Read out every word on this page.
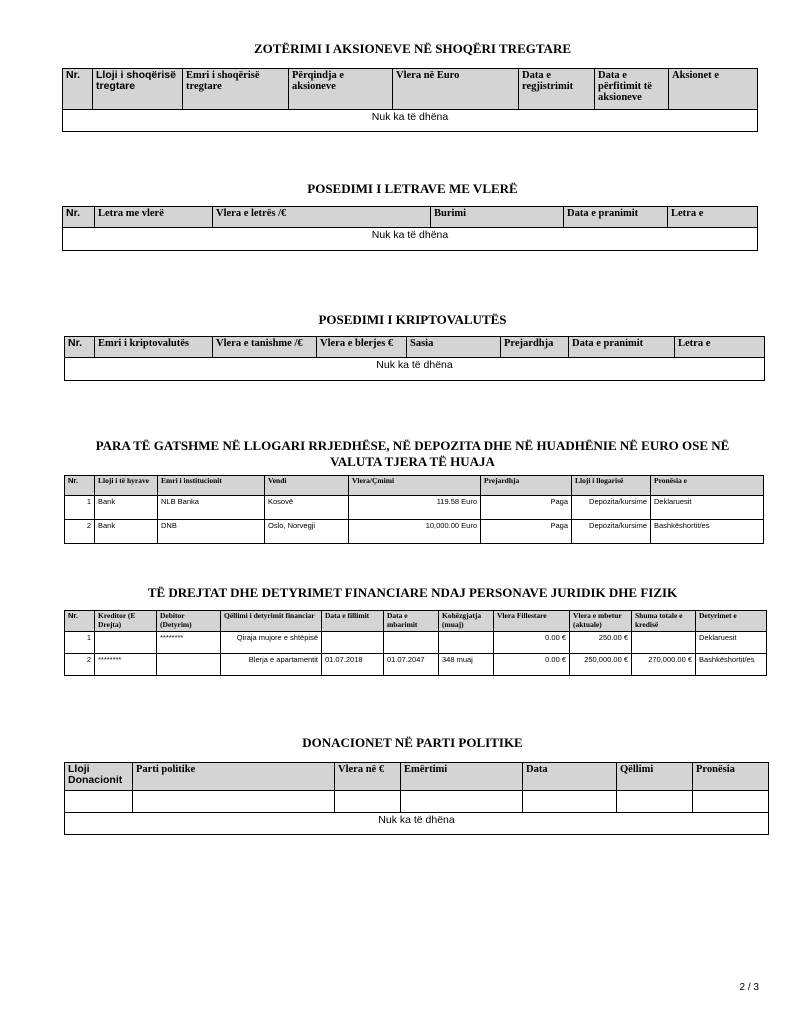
ZOTËRIMI I AKSIONEVE NË SHOQËRI TREGTARE
Nr.	Lloji i shoqërisë tregtare	Emri i shoqërisë tregtare	Përqindja e aksioneve	Vlera në Euro	Data e regjistrimit	Data e përfitimit të aksioneve	Aksionet e
Nuk ka të dhëna
POSEDIMI I LETRAVE ME VLERË
Nr.	Letra me vlerë	Vlera e letrës /€	Burimi	Data e pranimit	Letra e
Nuk ka të dhëna
POSEDIMI I KRIPTOVALUTËS
Nr.	Emri i kriptovalutës	Vlera e tanishme /€	Vlera e blerjes €	Sasia	Prejardhja	Data e pranimit	Letra e
Nuk ka të dhëna
PARA TË GATSHME NË LLOGARI RRJEDHËSE, NË DEPOZITA DHE NË HUADHËNIE NË EURO OSE NË
VALUTA TJERA TË HUAJA
Nr.	Lloji i të hyrave	Emri i institucionit	Vendi	Vlera/Çmimi	Prejardhja	Lloji i llogarisë	Pronësia e
1	Bank	NLB Banka	Kosovë	119.58 Euro	Paga	Depozita/kursime	Deklaruesit
2	Bank	DNB	Oslo, Norvegji	10,000.00 Euro	Paga	Depozita/kursime	Bashkëshortit/es
TË DREJTAT DHE DETYRIMET FINANCIARE NDAJ PERSONAVE JURIDIK DHE FIZIK
Nr.	Kreditor (E Drejta)	Debitor (Detyrim)	Qëllimi i detyrimit financiar	Data e fillimit	Data e mbarimit	Kohëzgjatja (muaj)	Vlera Fillestare	Vlera e mbetur (aktuale)	Shuma totale e kredisë	Detyrimet e
1		********	Qiraja mujore e shtëpisë				0.00 €	250.00 €		Deklaruesit
2	********		Blerja e apartamentit	01.07.2018	01.07.2047	348 muaj	0.00 €	250,000.00 €	270,000.00 €	Bashkëshortit/es
DONACIONET NË PARTI POLITIKE
Lloji Donacionit	Parti politike	Vlera në €	Emërtimi	Data	Qëllimi	Pronësia

Nuk ka të dhëna						
2 / 3
